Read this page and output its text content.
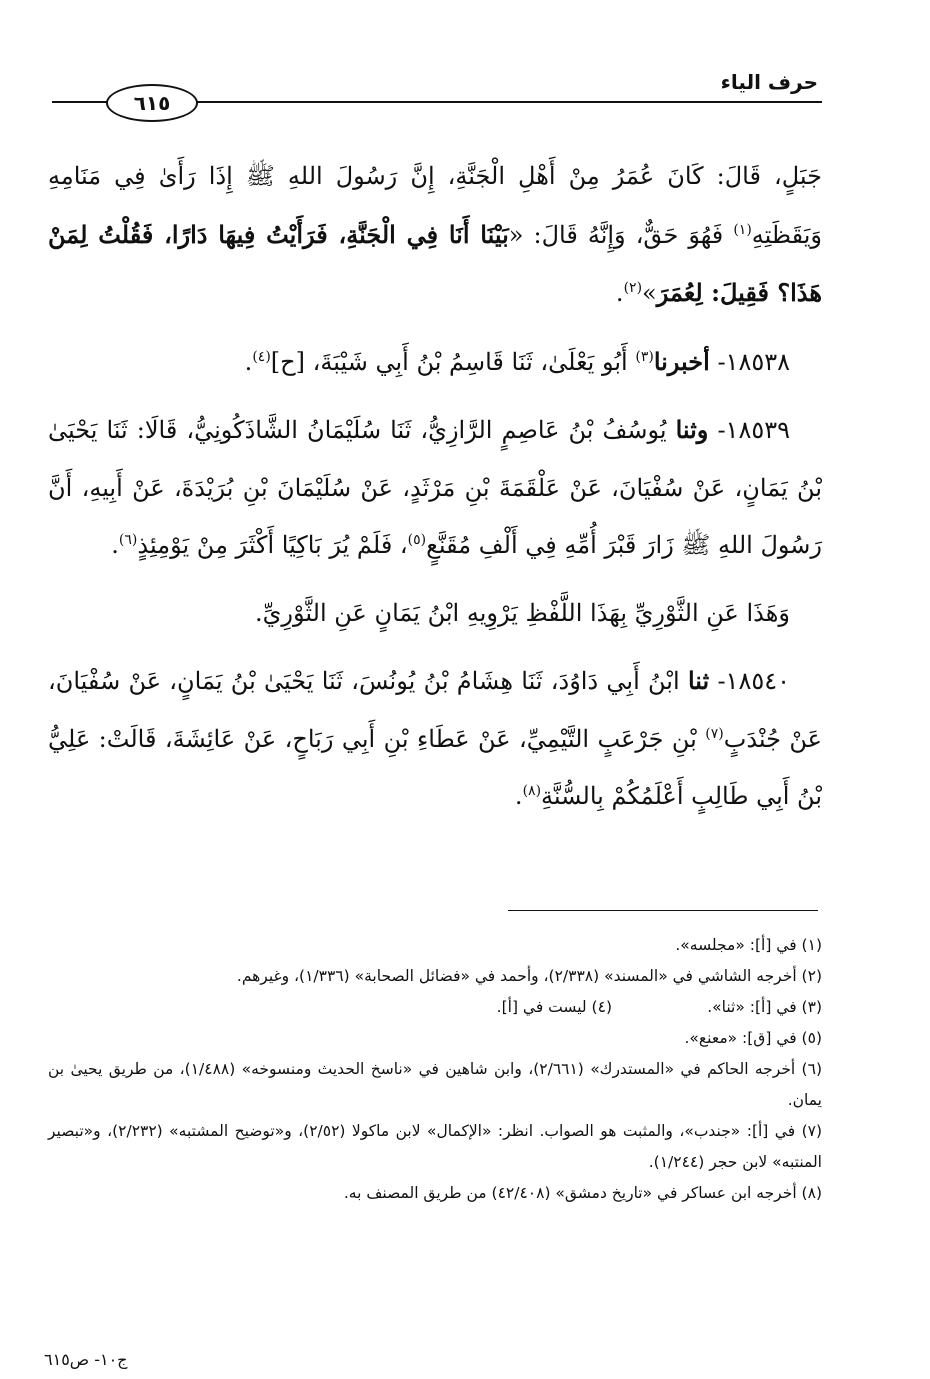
حرف الياء
٦١٥

جَبَلٍ، قَالَ: كَانَ عُمَرُ مِنْ أَهْلِ الْجَنَّةِ، إِنَّ رَسُولَ اللهِ ﷺ إِذَا رَأَىٰ فِي مَنَامِهِ وَيَقَظَتِهِ$^{(١)}$ فَهُوَ حَقٌّ، وَإِنَّهُ قَالَ: «بَيْنَا أَنَا فِي الْجَنَّةِ، فَرَأَيْتُ فِيهَا دَارًا، فَقُلْتُ لِمَنْ هَذَا؟ فَقِيلَ: لِعُمَرَ»$^{(٢)}$.

١٨٥٣٨- أخبرنا$^{(٣)}$ أَبُو يَعْلَىٰ، ثَنَا قَاسِمُ بْنُ أَبِي شَيْبَةَ، [ح]$^{(٤)}$.

١٨٥٣٩- وثنا يُوسُفُ بْنُ عَاصِمٍ الرَّازِيُّ، ثَنَا سُلَيْمَانُ الشَّاذَكُونِيُّ، قَالَا: ثَنَا يَحْيَىٰ بْنُ يَمَانٍ، عَنْ سُفْيَانَ، عَنْ عَلْقَمَةَ بْنِ مَرْثَدٍ، عَنْ سُلَيْمَانَ بْنِ بُرَيْدَةَ، عَنْ أَبِيهِ، أَنَّ رَسُولَ اللهِ ﷺ زَارَ قَبْرَ أُمِّهِ فِي أَلْفِ مُقَنَّعٍ$^{(٥)}$، فَلَمْ يُرَ بَاكِيًا أَكْثَرَ مِنْ يَوْمِئِذٍ$^{(٦)}$.

وَهَذَا عَنِ الثَّوْرِيِّ بِهَذَا اللَّفْظِ يَرْوِيهِ ابْنُ يَمَانٍ عَنِ الثَّوْرِيِّ.

١٨٥٤٠- ثنا ابْنُ أَبِي دَاوُدَ، ثَنَا هِشَامُ بْنُ يُونُسَ، ثَنَا يَحْيَىٰ بْنُ يَمَانٍ، عَنْ سُفْيَانَ، عَنْ جُنْدَبٍ$^{(٧)}$ بْنِ جَرْعَبٍ التَّيْمِيِّ، عَنْ عَطَاءِ بْنِ أَبِي رَبَاحٍ، عَنْ عَائِشَةَ، قَالَتْ: عَلِيُّ بْنُ أَبِي طَالِبٍ أَعْلَمُكُمْ بِالسُّنَّةِ$^{(٨)}$.

(١) في [أ]: «مجلسه».

(٢) أخرجه الشاشي في «المسند» (٢/٣٣٨)، وأحمد في «فضائل الصحابة» (١/٣٣٦)، وغيرهم.

(٣) في [أ]: «ثنا».
(٤) ليست في [أ].

(٥) في [ق]: «معنع».

(٦) أخرجه الحاكم في «المستدرك» (٢/٦٦١)، وابن شاهين في «ناسخ الحديث ومنسوخه» (١/٤٨٨)، من طريق يحيىٰ بن يمان.

(٧) في [أ]: «جندب»، والمثبت هو الصواب. انظر: «الإكمال» لابن ماكولا (٢/٥٢)، و«توضيح المشتبه» (٢/٢٣٢)، و«تبصير المنتبه» لابن حجر (١/٢٤٤).

(٨) أخرجه ابن عساكر في «تاريخ دمشق» (٤٢/٤٠٨) من طريق المصنف به.

ج١٠- ص٦١٥
